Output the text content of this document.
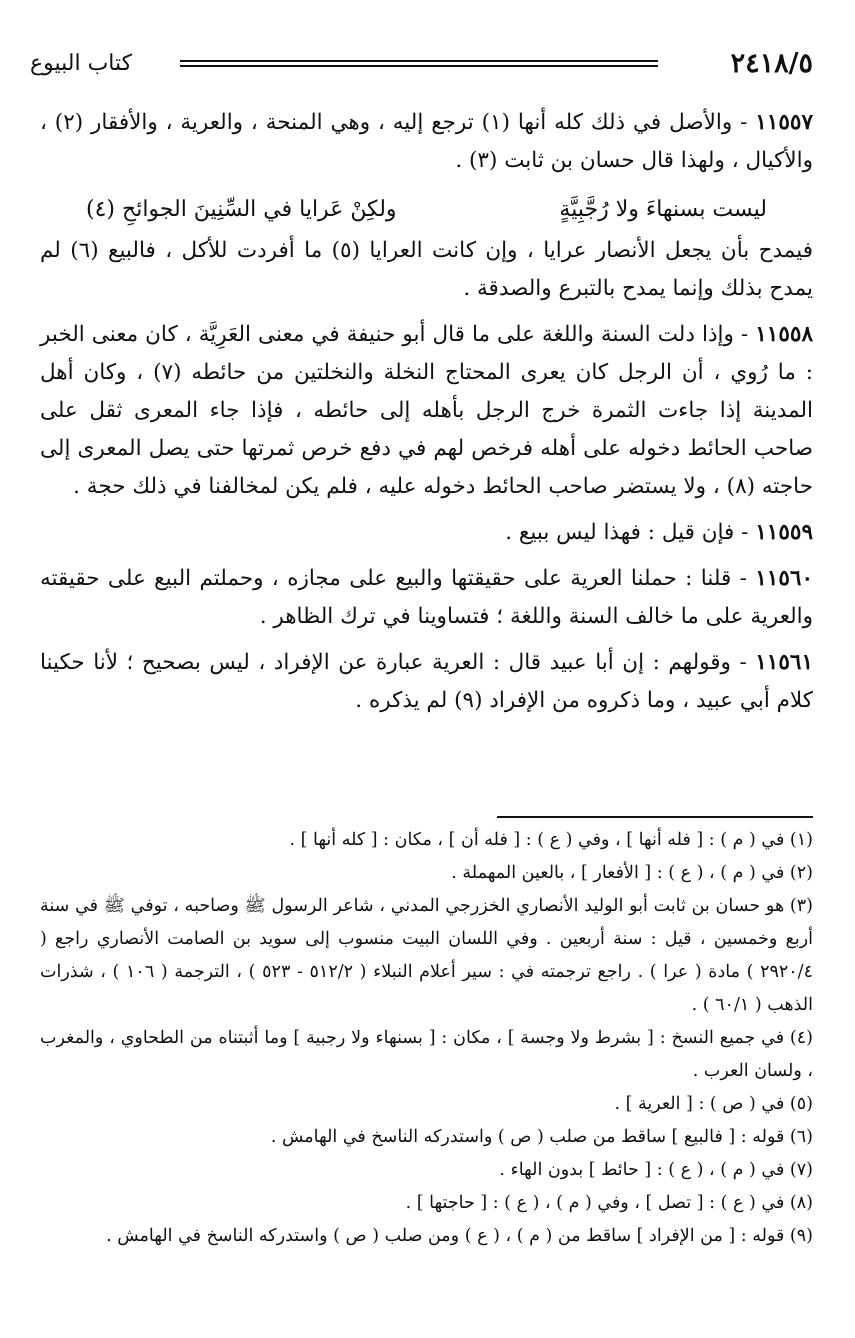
٢٤١٨/٥
كتاب البيوع

١١٥٥٧ - والأصل في ذلك كله أنها (١) ترجع إليه ، وهي المنحة ، والعرية ، والأفقار (٢) ، والأكيال ، ولهذا قال حسان بن ثابت (٣) .

ليست بسنهاءَ ولا رُجَّبِيَّةٍ
ولكِنْ عَرايا في السِّنِينَ الجوائحِ (٤)

فيمدح بأن يجعل الأنصار عرايا ، وإن كانت العرايا (٥) ما أفردت للأكل ، فالبيع (٦) لم يمدح بذلك وإنما يمدح بالتبرع والصدقة .

١١٥٥٨ - وإذا دلت السنة واللغة على ما قال أبو حنيفة في معنى العَرِيَّة ، كان معنى الخبر : ما رُوي ، أن الرجل كان يعرى المحتاج النخلة والنخلتين من حائطه (٧) ، وكان أهل المدينة إذا جاءت الثمرة خرج الرجل بأهله إلى حائطه ، فإذا جاء المعرى ثقل على صاحب الحائط دخوله على أهله فرخص لهم في دفع خرص ثمرتها حتى يصل المعرى إلى حاجته (٨) ، ولا يستضر صاحب الحائط دخوله عليه ، فلم يكن لمخالفنا في ذلك حجة .

١١٥٥٩ - فإن قيل : فهذا ليس ببيع .

١١٥٦٠ - قلنا : حملنا العرية على حقيقتها والبيع على مجازه ، وحملتم البيع على حقيقته والعرية على ما خالف السنة واللغة ؛ فتساوينا في ترك الظاهر .

١١٥٦١ - وقولهم : إن أبا عبيد قال : العرية عبارة عن الإفراد ، ليس بصحيح ؛ لأنا حكينا كلام أبي عبيد ، وما ذكروه من الإفراد (٩) لم يذكره .

(١) في ( م ) : [ فله أنها ] ، وفي ( ع ) : [ فله أن ] ، مكان : [ كله أنها ] .

(٢) في ( م ) ، ( ع ) : [ الأفعار ] ، بالعين المهملة .

(٣) هو حسان بن ثابت أبو الوليد الأنصاري الخزرجي المدني ، شاعر الرسول ﷺ وصاحبه ، توفي ﷺ في سنة أربع وخمسين ، قيل : سنة أربعين . وفي اللسان البيت منسوب إلى سويد بن الصامت الأنصاري راجع ( ٢٩٢٠/٤ ) مادة ( عرا ) . راجع ترجمته في : سير أعلام النبلاء ( ٥١٢/٢ - ٥٢٣ ) ، الترجمة ( ١٠٦ ) ، شذرات الذهب ( ٦٠/١ ) .

(٤) في جميع النسخ : [ بشرط ولا وجسة ] ، مكان : [ بسنهاء ولا رجبية ] وما أثبتناه من الطحاوي ، والمغرب ، ولسان العرب .

(٥) في ( ص ) : [ العرية ] .

(٦) قوله : [ فالبيع ] ساقط من صلب ( ص ) واستدركه الناسخ في الهامش .

(٧) في ( م ) ، ( ع ) : [ حائط ] بدون الهاء .

(٨) في ( ع ) : [ تصل ] ، وفي ( م ) ، ( ع ) : [ حاجتها ] .

(٩) قوله : [ من الإفراد ] ساقط من ( م ) ، ( ع ) ومن صلب ( ص ) واستدركه الناسخ في الهامش .
